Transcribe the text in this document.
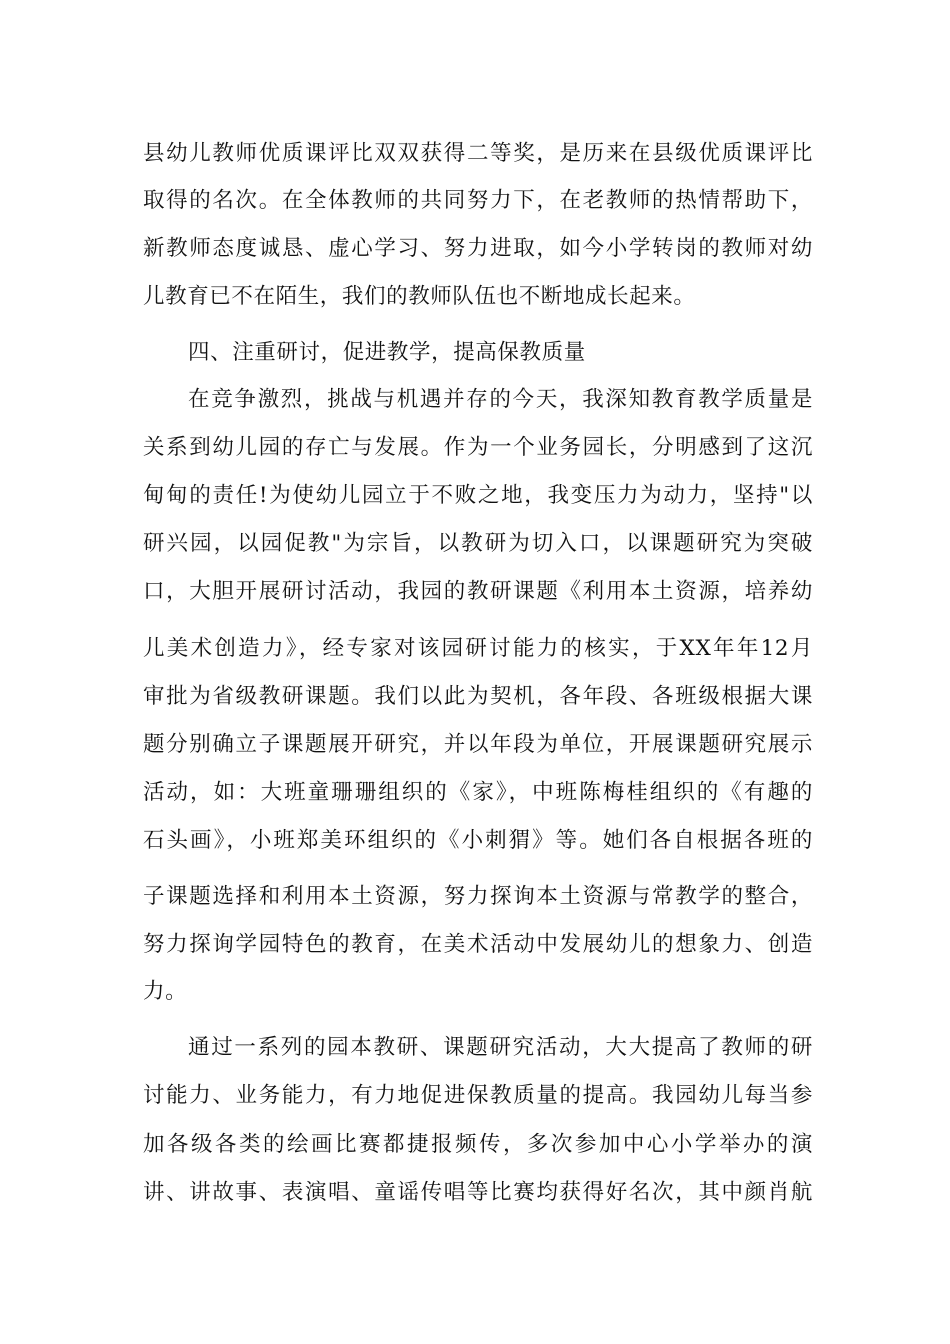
县幼儿教师优质课评比双双获得二等奖，是历来在县级优质课评比
取得的名次。在全体教师的共同努力下，在老教师的热情帮助下，
新教师态度诚恳、虚心学习、努力进取，如今小学转岗的教师对幼
儿教育已不在陌生，我们的教师队伍也不断地成长起来。
四、注重研讨，促进教学，提高保教质量
在竞争激烈，挑战与机遇并存的今天，我深知教育教学质量是
关系到幼儿园的存亡与发展。作为一个业务园长，分明感到了这沉
甸甸的责任!为使幼儿园立于不败之地，我变压力为动力，坚持"以
研兴园，以园促教"为宗旨，以教研为切入口，以课题研究为突破
口，大胆开展研讨活动，我园的教研课题《利用本土资源，培养幼
儿美术创造力》，经专家对该园研讨能力的核实，于XX年年12月
审批为省级教研课题。我们以此为契机，各年段、各班级根据大课
题分别确立子课题展开研究，并以年段为单位，开展课题研究展示
活动，如：大班童珊珊组织的《家》，中班陈梅桂组织的《有趣的
石头画》，小班郑美环组织的《小刺猬》等。她们各自根据各班的
子课题选择和利用本土资源，努力探询本土资源与常教学的整合，
努力探询学园特色的教育，在美术活动中发展幼儿的想象力、创造
力。
通过一系列的园本教研、课题研究活动，大大提高了教师的研
讨能力、业务能力，有力地促进保教质量的提高。我园幼儿每当参
加各级各类的绘画比赛都捷报频传，多次参加中心小学举办的演
讲、讲故事、表演唱、童谣传唱等比赛均获得好名次，其中颜肖航
